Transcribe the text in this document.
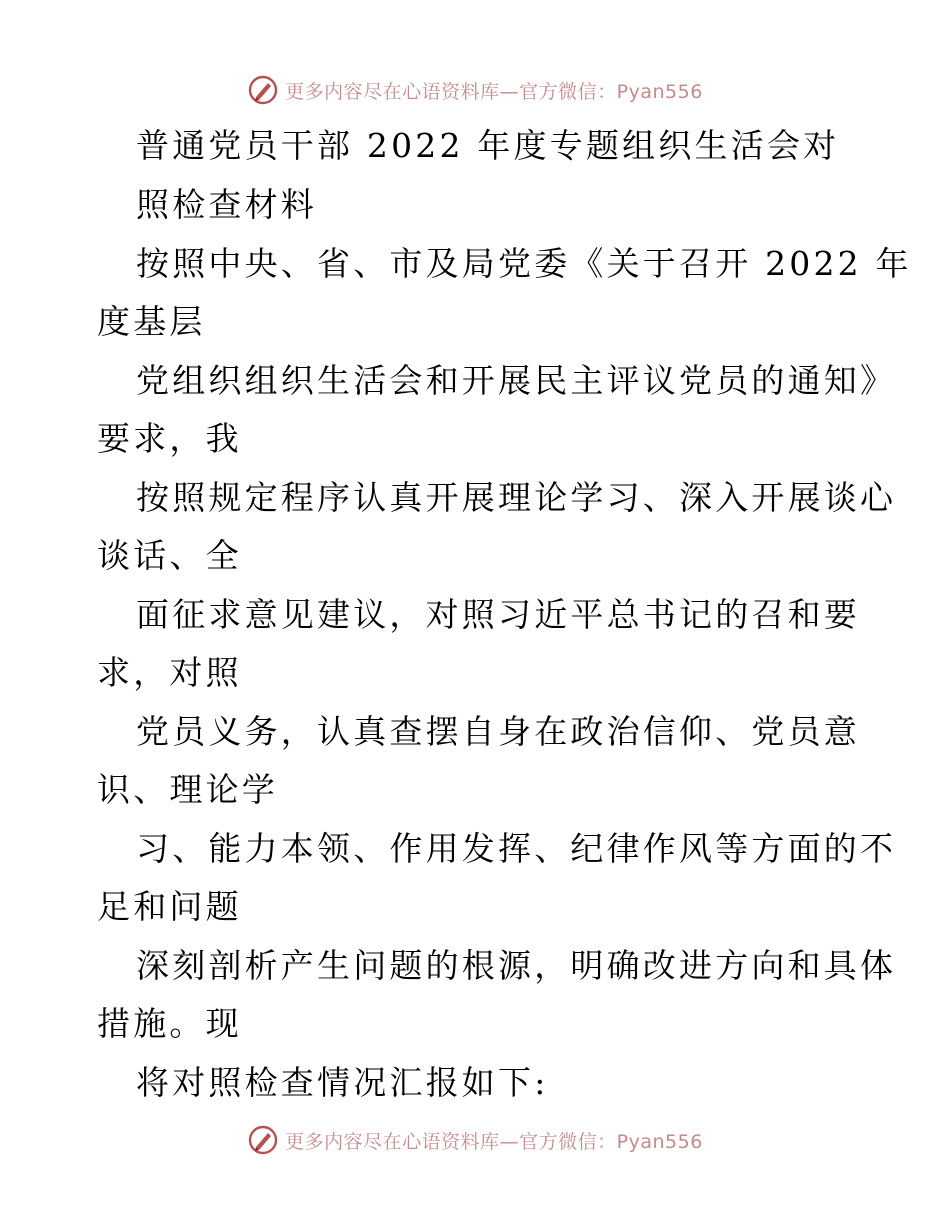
更多内容尽在心语资料库—官方微信：Pyan556
普通党员干部 2022 年度专题组织生活会对
照检查材料
按照中央、省、市及局党委《关于召开 2022 年
度基层
党组织组织生活会和开展民主评议党员的通知》
要求，我
按照规定程序认真开展理论学习、深入开展谈心
谈话、全
面征求意见建议，对照习近平总书记的召和要
求，对照
党员义务，认真查摆自身在政治信仰、党员意
识、理论学
习、能力本领、作用发挥、纪律作风等方面的不
足和问题
深刻剖析产生问题的根源，明确改进方向和具体
措施。现
将对照检查情况汇报如下:
更多内容尽在心语资料库—官方微信：Pyan556
